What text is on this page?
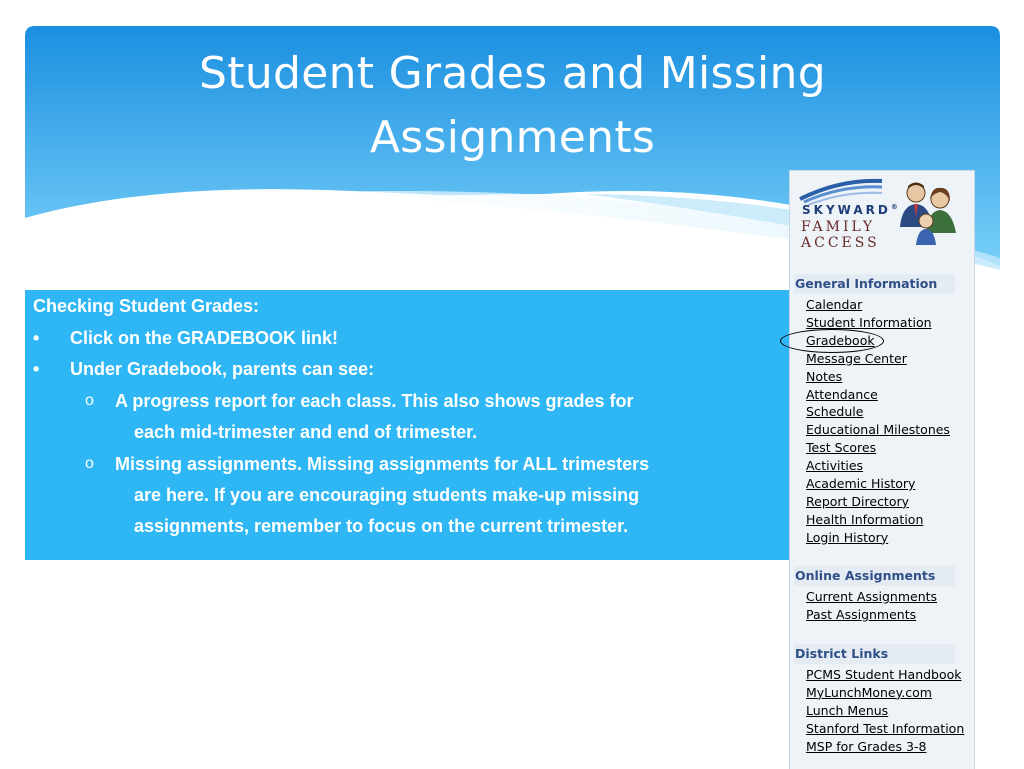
Student Grades and Missing
Assignments
Checking Student Grades:
• Click on the GRADEBOOK link!
• Under Gradebook, parents can see:
o A progress report for each class. This also shows grades for
each mid-trimester and end of trimester.
o Missing assignments. Missing assignments for ALL trimesters
are here. If you are encouraging students make-up missing
assignments, remember to focus on the current trimester.
SKYWARD®
FAMILY
ACCESS
General Information
Calendar
Student Information
Gradebook
Message Center
Notes
Attendance
Schedule
Educational Milestones
Test Scores
Activities
Academic History
Report Directory
Health Information
Login History
Online Assignments
Current Assignments
Past Assignments
District Links
PCMS Student Handbook
MyLunchMoney.com
Lunch Menus
Stanford Test Information
MSP for Grades 3-8
